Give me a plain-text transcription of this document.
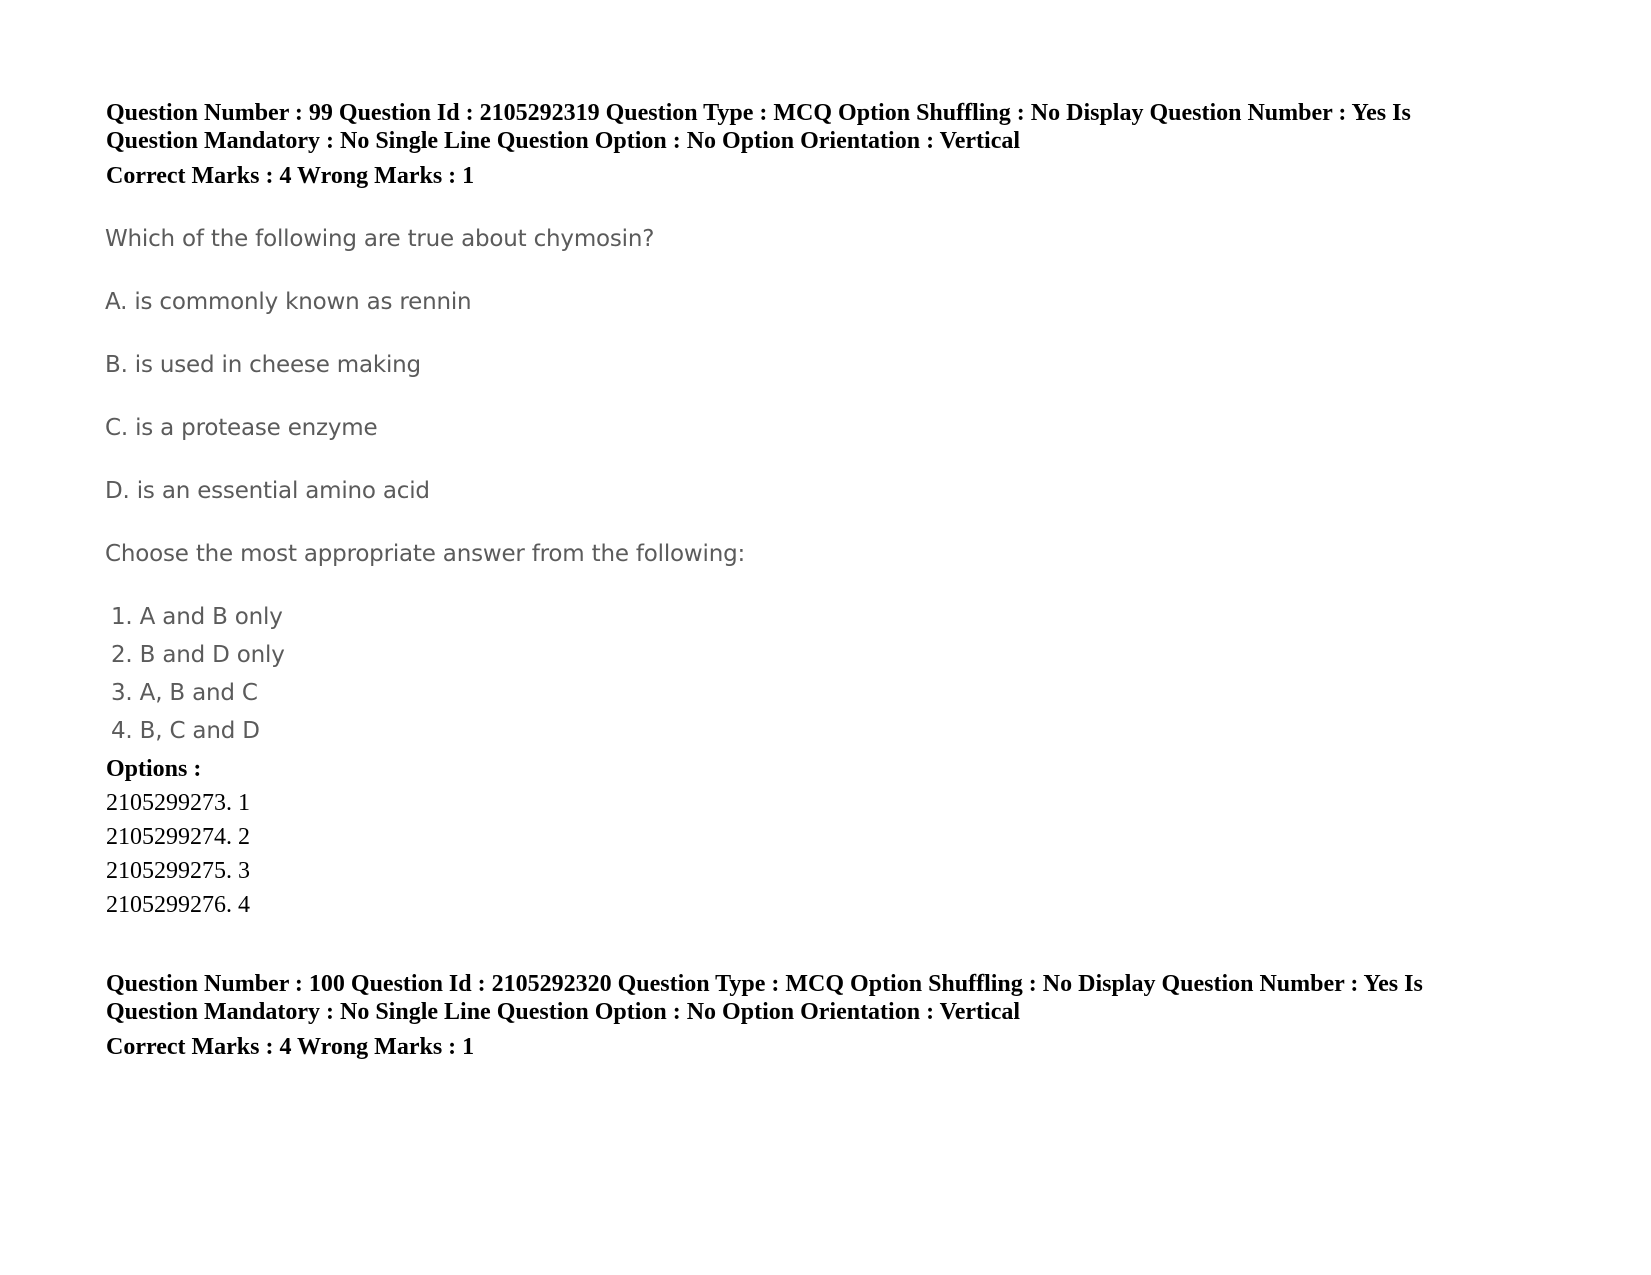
Question Number : 99 Question Id : 2105292319 Question Type : MCQ Option Shuffling : No Display Question Number : Yes Is
Question Mandatory : No Single Line Question Option : No Option Orientation : Vertical
Correct Marks : 4 Wrong Marks : 1
Which of the following are true about chymosin?
A. is commonly known as rennin
B. is used in cheese making
C. is a protease enzyme
D. is an essential amino acid
Choose the most appropriate answer from the following:
1. A and B only
2. B and D only
3. A, B and C
4. B, C and D
Options :
2105299273. 1
2105299274. 2
2105299275. 3
2105299276. 4
Question Number : 100 Question Id : 2105292320 Question Type : MCQ Option Shuffling : No Display Question Number : Yes Is
Question Mandatory : No Single Line Question Option : No Option Orientation : Vertical
Correct Marks : 4 Wrong Marks : 1
